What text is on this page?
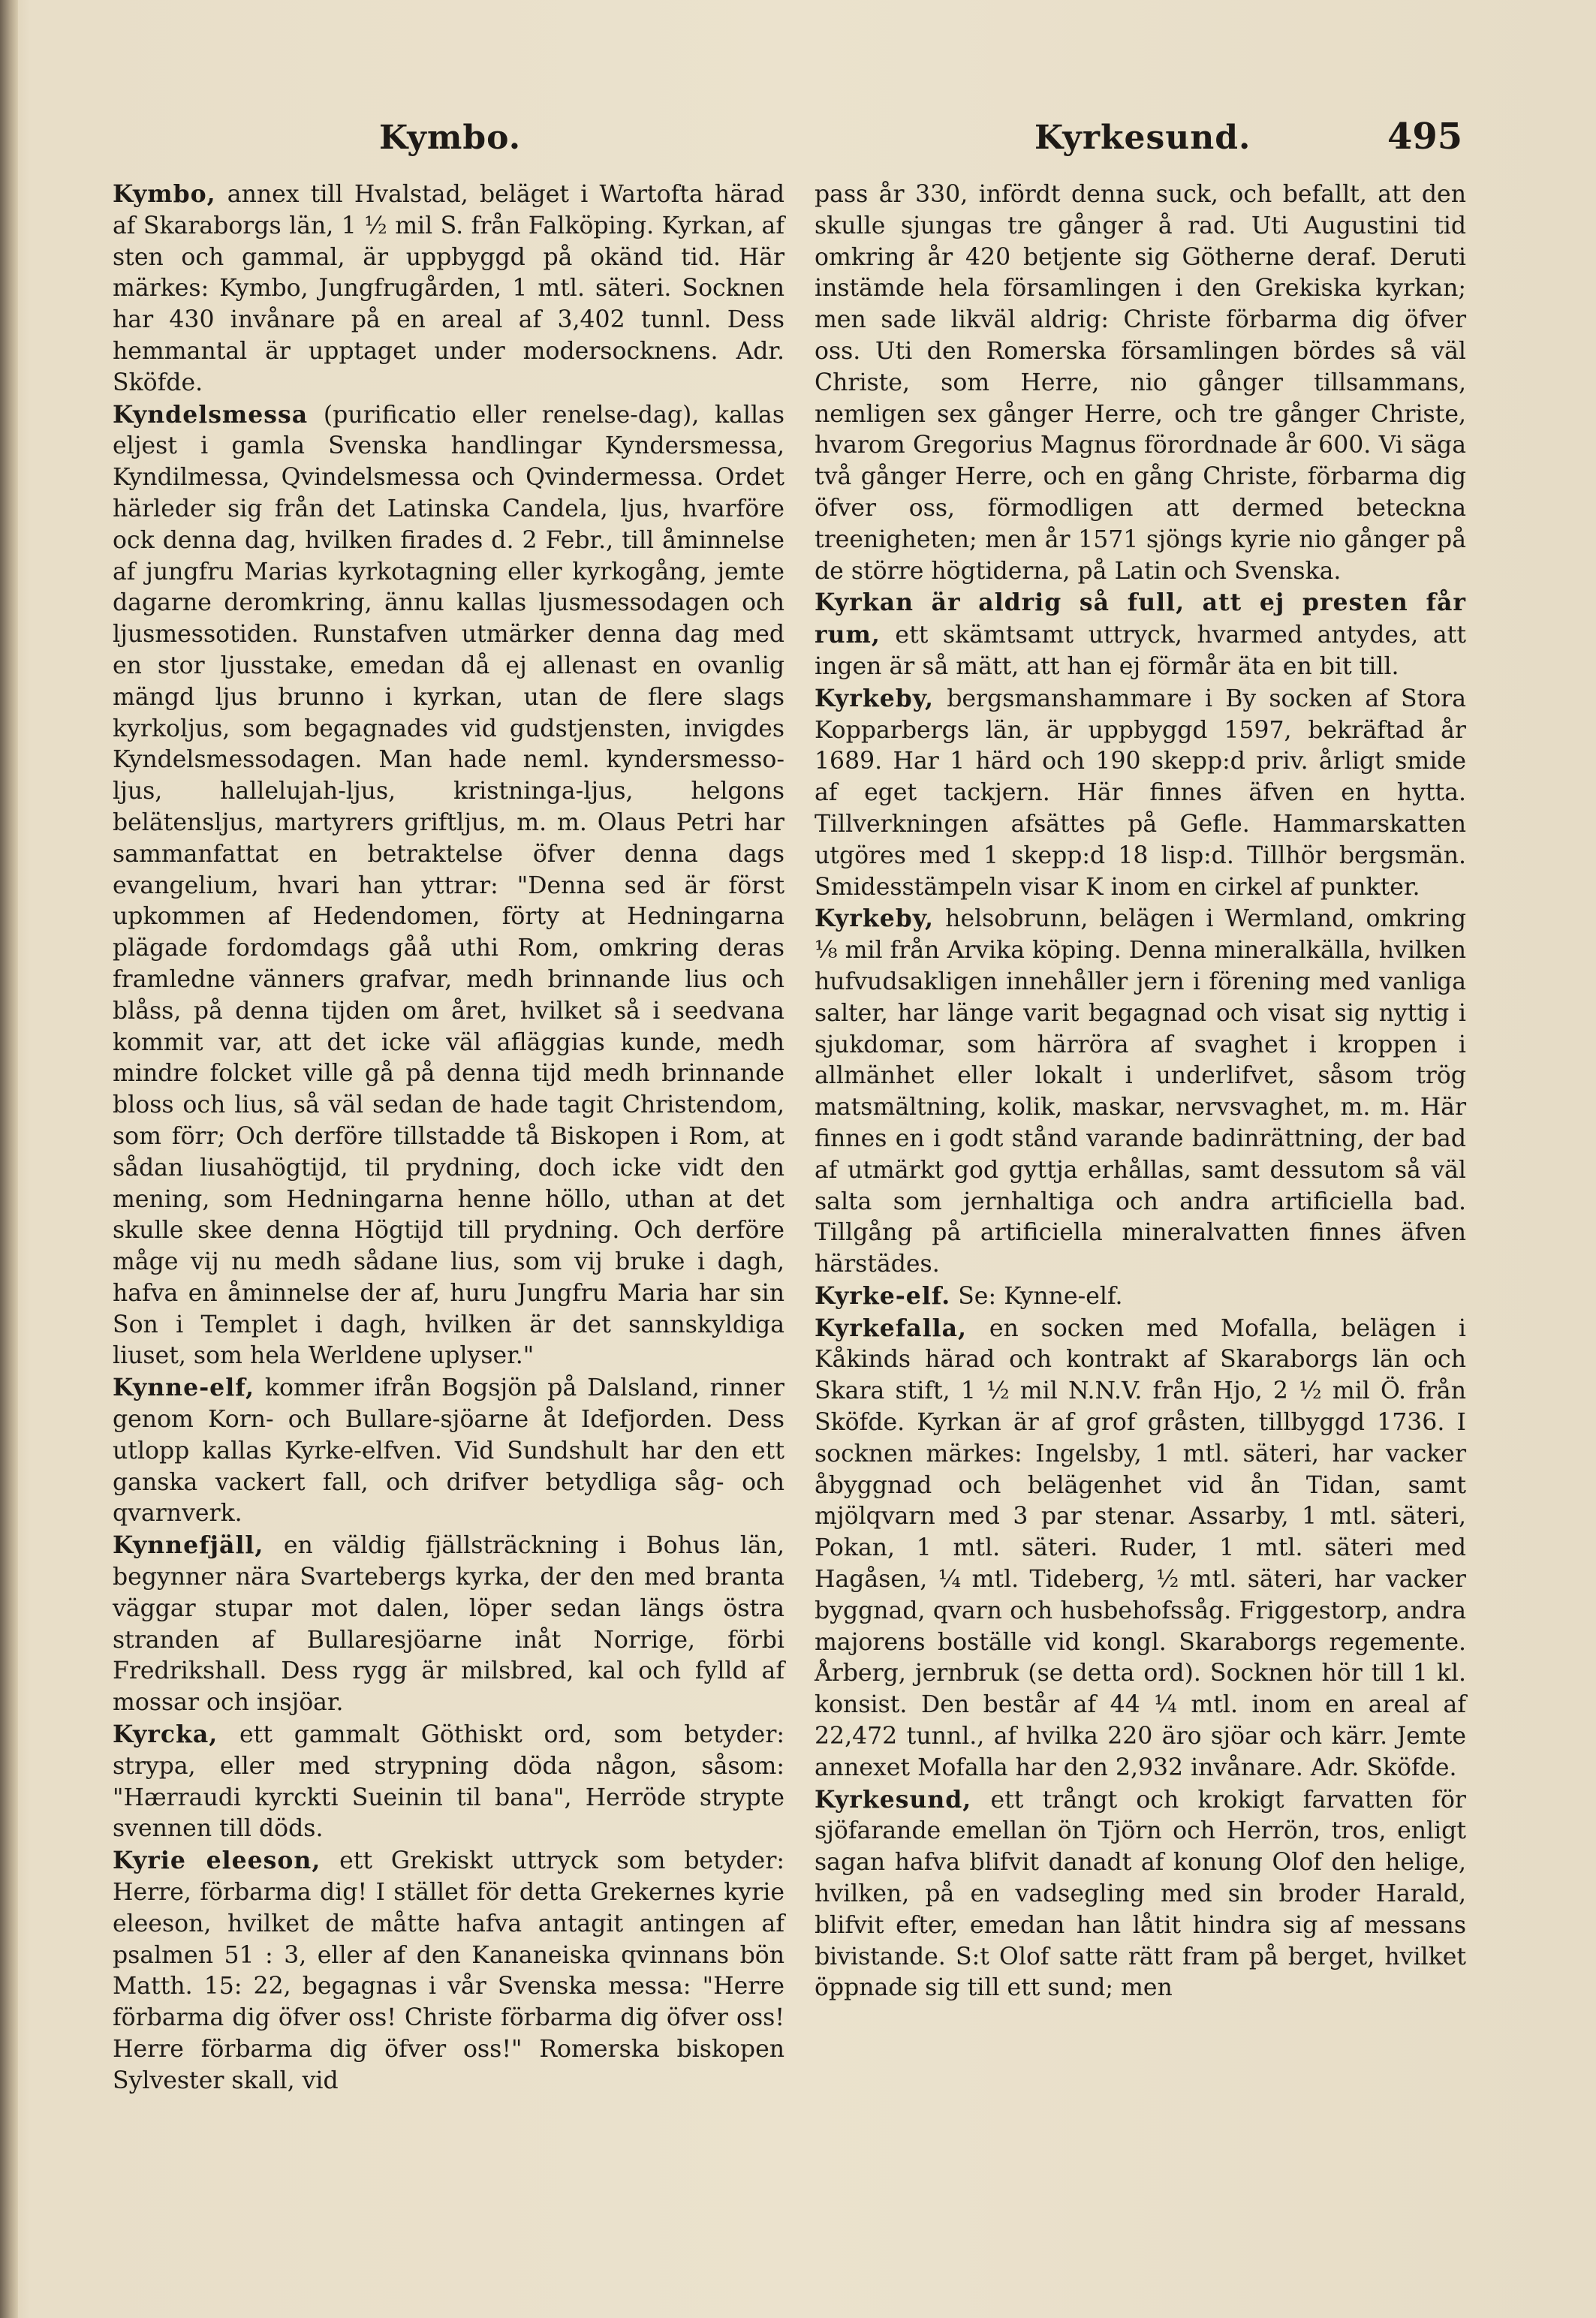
Kymbo.	Kyrkesund.	495

Kymbo, annex till Hvalstad, beläget i Wartofta härad af Skaraborgs län, 1 ½ mil S. från Falköping. Kyrkan, af sten och gammal, är uppbyggd på okänd tid. Här märkes: Kymbo, Jungfrugården, 1 mtl. säteri. Socknen har 430 invånare på en areal af 3,402 tunnl. Dess hemmantal är upptaget under modersocknens. Adr. Sköfde.

Kyndelsmessa (purificatio eller renelse-dag), kallas eljest i gamla Svenska handlingar Kyndersmessa, Kyndilmessa, Qvindelsmessa och Qvindermessa. Ordet härleder sig från det Latinska Candela, ljus, hvarföre ock denna dag, hvilken firades d. 2 Febr., till åminnelse af jungfru Marias kyrkotagning eller kyrkogång, jemte dagarne deromkring, ännu kallas ljusmessodagen och ljusmessotiden. Runstafven utmärker denna dag med en stor ljusstake, emedan då ej allenast en ovanlig mängd ljus brunno i kyrkan, utan de flere slags kyrkoljus, som begagnades vid gudstjensten, invigdes Kyndelsmessodagen. Man hade neml. kyndersmesso-ljus, hallelujah-ljus, kristninga-ljus, helgons belätensljus, martyrers griftljus, m. m. Olaus Petri har sammanfattat en betraktelse öfver denna dags evangelium, hvari han yttrar: "Denna sed är först upkommen af Hedendomen, förty at Hedningarna plägade fordomdags gåå uthi Rom, omkring deras framledne vänners grafvar, medh brinnande lius och blåss, på denna tijden om året, hvilket så i seedvana kommit var, att det icke väl afläggias kunde, medh mindre folcket ville gå på denna tijd medh brinnande bloss och lius, så väl sedan de hade tagit Christendom, som förr; Och derföre tillstadde tå Biskopen i Rom, at sådan liusahögtijd, til prydning, doch icke vidt den mening, som Hedningarna henne höllo, uthan at det skulle skee denna Högtijd till prydning. Och derföre måge vij nu medh sådane lius, som vij bruke i dagh, hafva en åminnelse der af, huru Jungfru Maria har sin Son i Templet i dagh, hvilken är det sannskyldiga liuset, som hela Werldene uplyser."

Kynne-elf, kommer ifrån Bogsjön på Dalsland, rinner genom Korn- och Bullare-sjöarne åt Idefjorden. Dess utlopp kallas Kyrke-elfven. Vid Sundshult har den ett ganska vackert fall, och drifver betydliga såg- och qvarnverk.

Kynnefjäll, en väldig fjällsträckning i Bohus län, begynner nära Svartebergs kyrka, der den med branta väggar stupar mot dalen, löper sedan längs östra stranden af Bullaresjöarne inåt Norrige, förbi Fredrikshall. Dess rygg är milsbred, kal och fylld af mossar och insjöar.

Kyrcka, ett gammalt Göthiskt ord, som betyder: strypa, eller med strypning döda någon, såsom: "Hærraudi kyrckti Sueinin til bana", Herröde strypte svennen till döds.

Kyrie eleeson, ett Grekiskt uttryck som betyder: Herre, förbarma dig! I stället för detta Grekernes kyrie eleeson, hvilket de måtte hafva antagit antingen af psalmen 51 : 3, eller af den Kananeiska qvinnans bön Matth. 15: 22, begagnas i vår Svenska messa: "Herre förbarma dig öfver oss! Christe förbarma dig öfver oss! Herre förbarma dig öfver oss!" Romerska biskopen Sylvester skall, vid

pass år 330, infördt denna suck, och befallt, att den skulle sjungas tre gånger å rad. Uti Augustini tid omkring år 420 betjente sig Götherne deraf. Deruti instämde hela församlingen i den Grekiska kyrkan; men sade likväl aldrig: Christe förbarma dig öfver oss. Uti den Romerska församlingen bördes så väl Christe, som Herre, nio gånger tillsammans, nemligen sex gånger Herre, och tre gånger Christe, hvarom Gregorius Magnus förordnade år 600. Vi säga två gånger Herre, och en gång Christe, förbarma dig öfver oss, förmodligen att dermed beteckna treenigheten; men år 1571 sjöngs kyrie nio gånger på de större högtiderna, på Latin och Svenska.

Kyrkan är aldrig så full, att ej presten får rum, ett skämtsamt uttryck, hvarmed antydes, att ingen är så mätt, att han ej förmår äta en bit till.

Kyrkeby, bergsmanshammare i By socken af Stora Kopparbergs län, är uppbyggd 1597, bekräftad år 1689. Har 1 härd och 190 skepp:d priv. årligt smide af eget tackjern. Här finnes äfven en hytta. Tillverkningen afsättes på Gefle. Hammarskatten utgöres med 1 skepp:d 18 lisp:d. Tillhör bergsmän. Smidesstämpeln visar K inom en cirkel af punkter.

Kyrkeby, helsobrunn, belägen i Wermland, omkring ⅛ mil från Arvika köping. Denna mineralkälla, hvilken hufvudsakligen innehåller jern i förening med vanliga salter, har länge varit begagnad och visat sig nyttig i sjukdomar, som härröra af svaghet i kroppen i allmänhet eller lokalt i underlifvet, såsom trög matsmältning, kolik, maskar, nervsvaghet, m. m. Här finnes en i godt stånd varande badinrättning, der bad af utmärkt god gyttja erhållas, samt dessutom så väl salta som jernhaltiga och andra artificiella bad. Tillgång på artificiella mineralvatten finnes äfven härstädes.

Kyrke-elf. Se: Kynne-elf.

Kyrkefalla, en socken med Mofalla, belägen i Kåkinds härad och kontrakt af Skaraborgs län och Skara stift, 1 ½ mil N.N.V. från Hjo, 2 ½ mil Ö. från Sköfde. Kyrkan är af grof gråsten, tillbyggd 1736. I socknen märkes: Ingelsby, 1 mtl. säteri, har vacker åbyggnad och belägenhet vid ån Tidan, samt mjölqvarn med 3 par stenar. Assarby, 1 mtl. säteri, Pokan, 1 mtl. säteri. Ruder, 1 mtl. säteri med Hagåsen, ¼ mtl. Tideberg, ½ mtl. säteri, har vacker byggnad, qvarn och husbehofssåg. Friggestorp, andra majorens boställe vid kongl. Skaraborgs regemente. Årberg, jernbruk (se detta ord). Socknen hör till 1 kl. konsist. Den består af 44 ¼ mtl. inom en areal af 22,472 tunnl., af hvilka 220 äro sjöar och kärr. Jemte annexet Mofalla har den 2,932 invånare. Adr. Sköfde.

Kyrkesund, ett trångt och krokigt farvatten för sjöfarande emellan ön Tjörn och Herrön, tros, enligt sagan hafva blifvit danadt af konung Olof den helige, hvilken, på en vadsegling med sin broder Harald, blifvit efter, emedan han låtit hindra sig af messans bivistande. S:t Olof satte rätt fram på berget, hvilket öppnade sig till ett sund; men
